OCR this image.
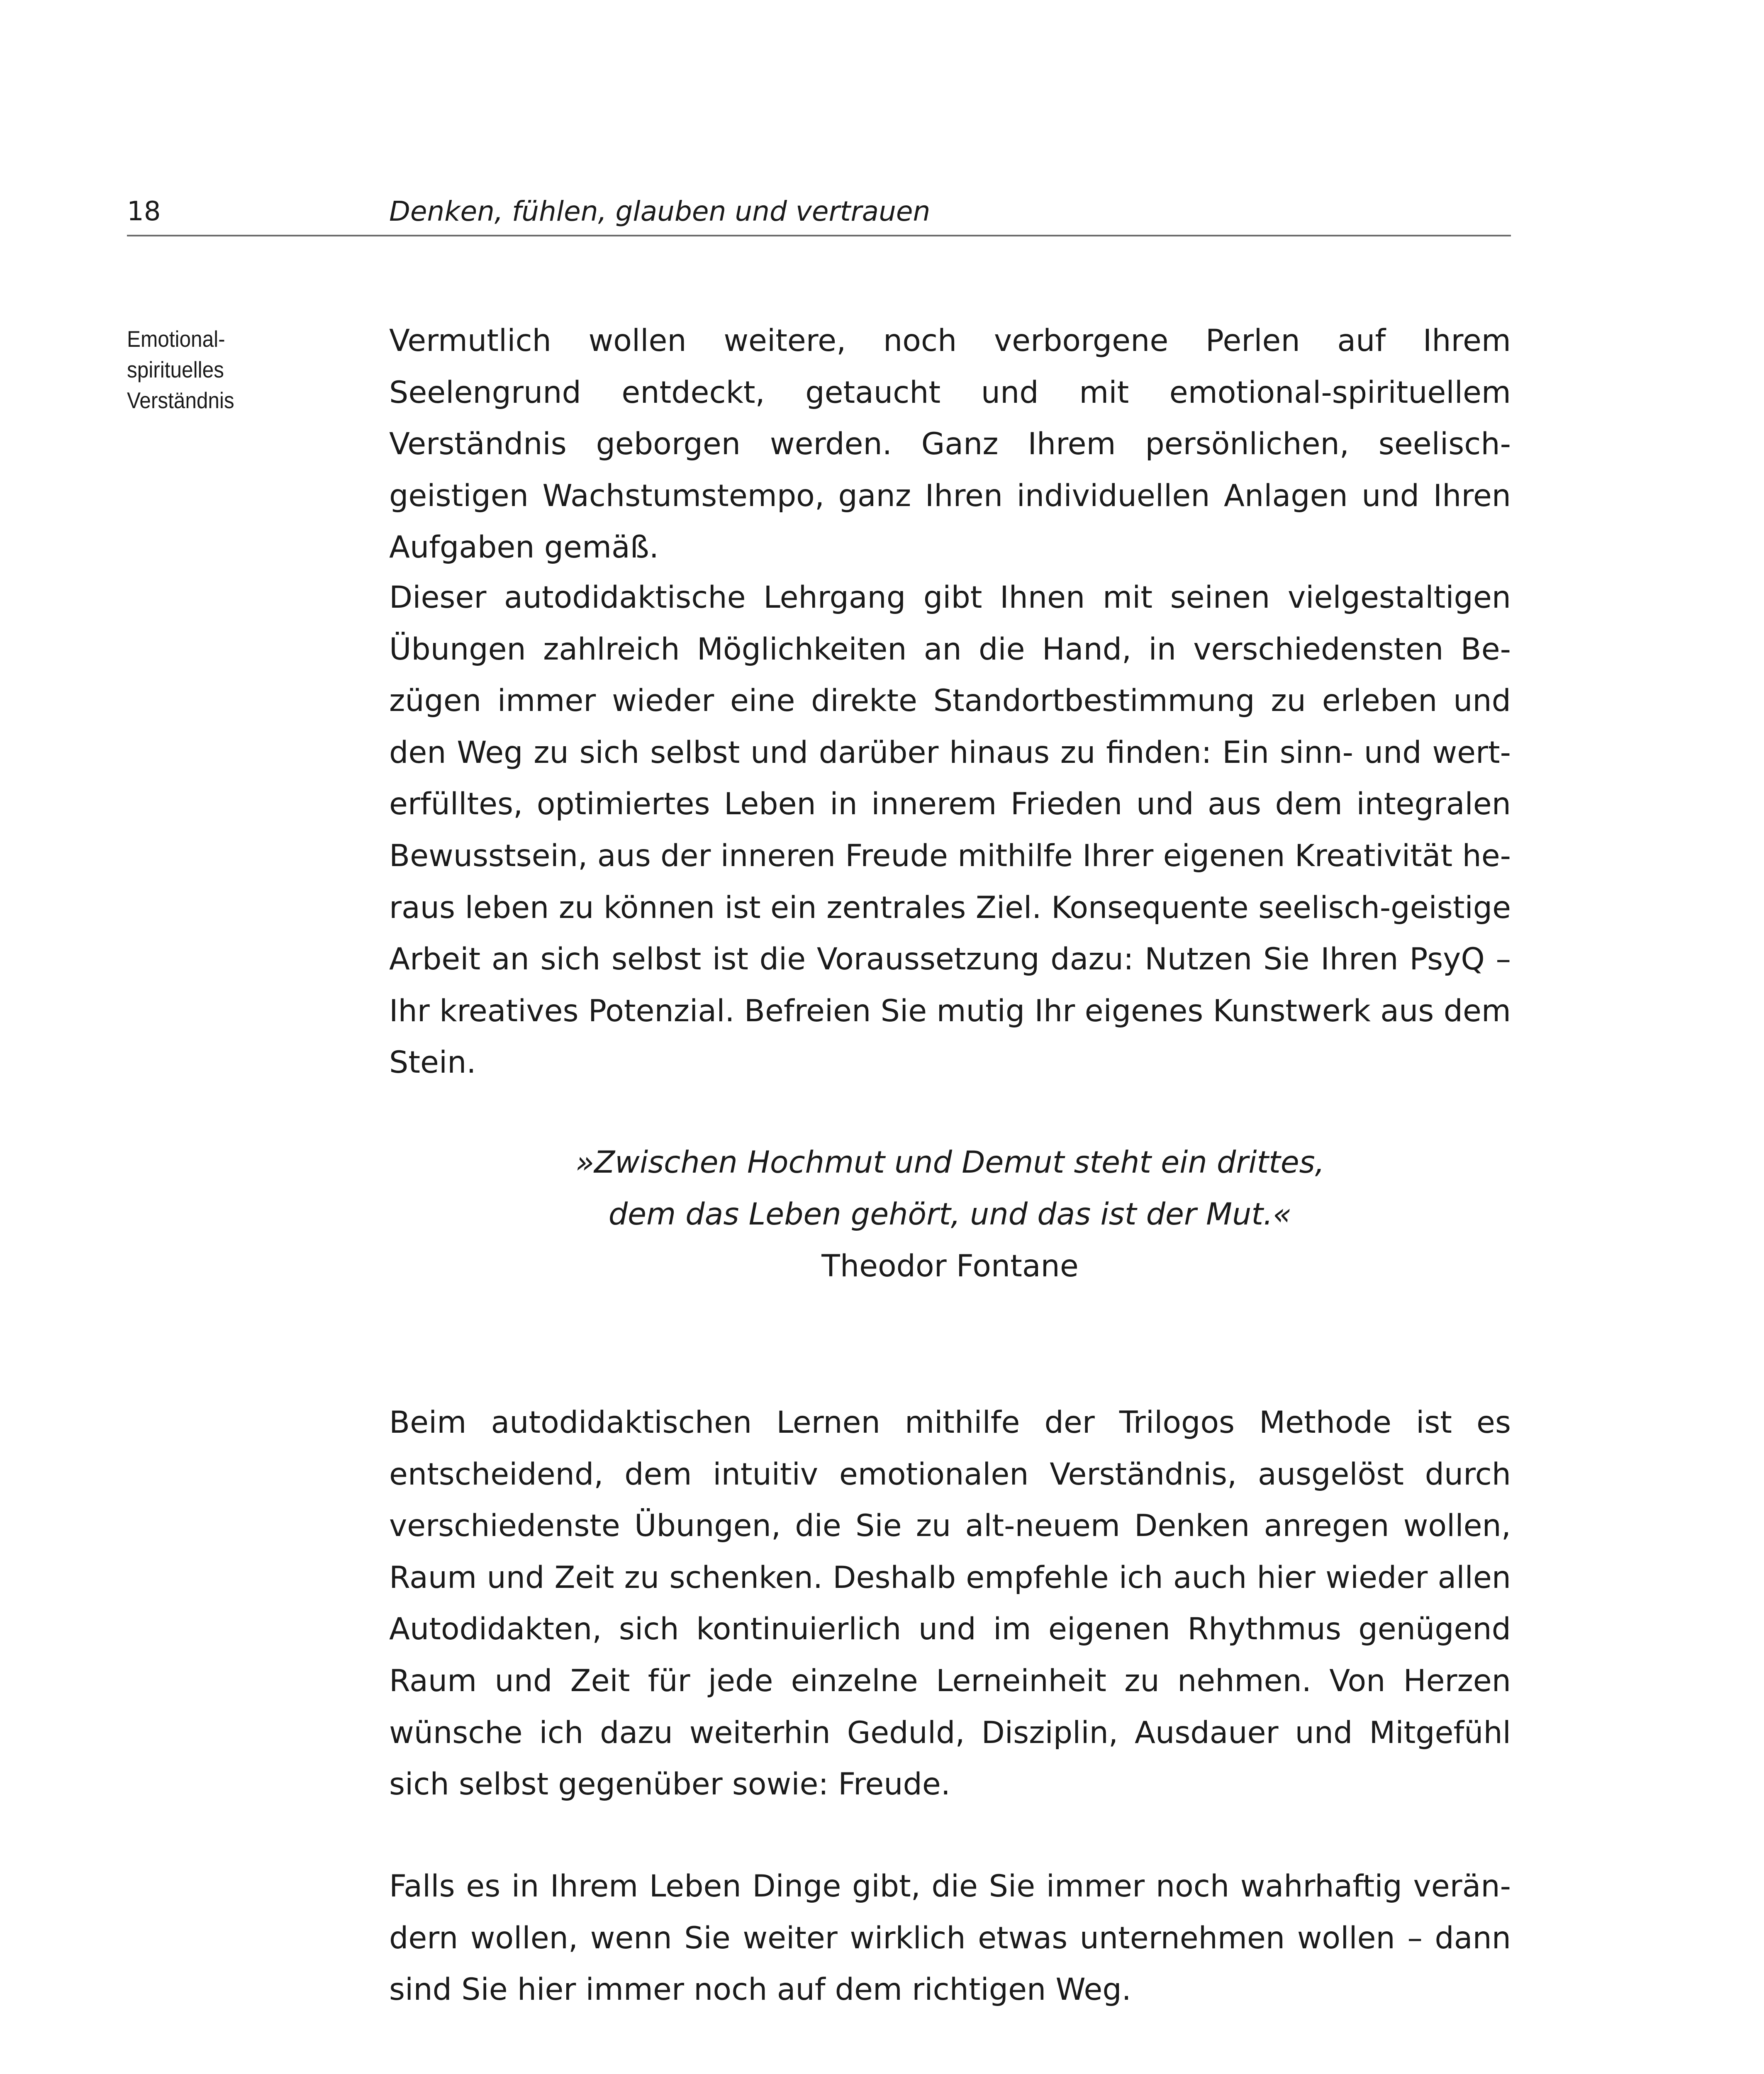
18	Denken, fühlen, glauben und vertrauen
Emotional-
spirituelles
Verständnis

Vermutlich wollen weitere, noch verborgene Perlen auf Ihrem Seelengrund entdeckt, getaucht und mit emotional-spirituellem Verständnis geborgen werden. Ganz Ihrem persönlichen, seelisch-geistigen Wachstumstempo, ganz Ihren individuellen Anlagen und Ihren Aufgaben gemäß.

Dieser autodidaktische Lehrgang gibt Ihnen mit seinen vielgestaltigen Übungen zahlreich Möglichkeiten an die Hand, in verschiedensten Bezügen immer wieder eine direkte Standortbestimmung zu erleben und den Weg zu sich selbst und darüber hinaus zu finden: Ein sinn- und werterfülltes, optimiertes Leben in innerem Frieden und aus dem integralen Bewusstsein, aus der inneren Freude mithilfe Ihrer eigenen Kreativität heraus leben zu können ist ein zentrales Ziel. Konsequente seelisch-geistige Arbeit an sich selbst ist die Voraussetzung dazu: Nutzen Sie Ihren PsyQ – Ihr kreatives Potenzial. Befreien Sie mutig Ihr eigenes Kunstwerk aus dem Stein.

»Zwischen Hochmut und Demut steht ein drittes,
dem das Leben gehört, und das ist der Mut.«
Theodor Fontane

Beim autodidaktischen Lernen mithilfe der Trilogos Methode ist es entscheidend, dem intuitiv emotionalen Verständnis, ausgelöst durch verschiedenste Übungen, die Sie zu alt-neuem Denken anregen wollen, Raum und Zeit zu schenken. Deshalb empfehle ich auch hier wieder allen Autodidakten, sich kontinuierlich und im eigenen Rhythmus genügend Raum und Zeit für jede einzelne Lerneinheit zu nehmen. Von Herzen wünsche ich dazu weiterhin Geduld, Disziplin, Ausdauer und Mitgefühl sich selbst gegenüber sowie: Freude.

Falls es in Ihrem Leben Dinge gibt, die Sie immer noch wahrhaftig verändern wollen, wenn Sie weiter wirklich etwas unternehmen wollen – dann sind Sie hier immer noch auf dem richtigen Weg.
